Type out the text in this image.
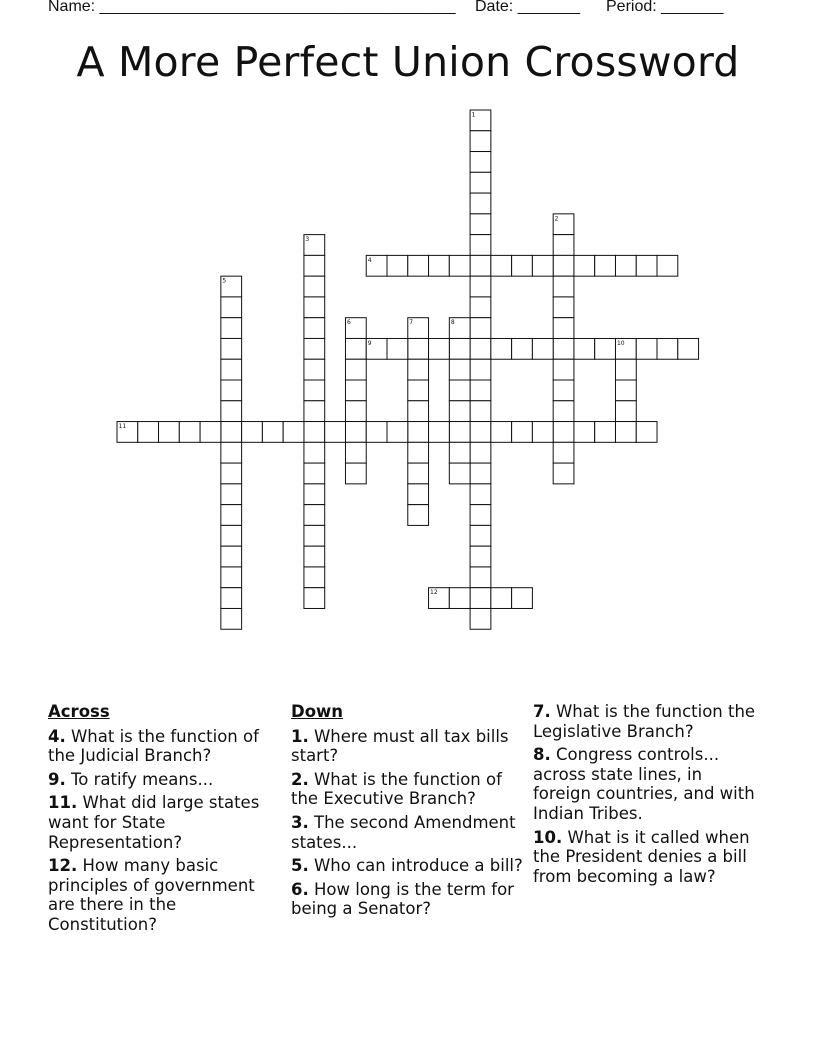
Name: ________________________________________ Date: _______ Period: _______
A More Perfect Union Crossword
1
2
3
4
5
6	7	8
9	10
11
12
Across
4. What is the function of the Judicial Branch?
9. To ratify means...
11. What did large states want for State Representation?
12. How many basic principles of government are there in the Constitution?
Down
1. Where must all tax bills start?
2. What is the function of the Executive Branch?
3. The second Amendment states...
5. Who can introduce a bill?
6. How long is the term for being a Senator?
7. What is the function the Legislative Branch?
8. Congress controls... across state lines, in foreign countries, and with Indian Tribes.
10. What is it called when the President denies a bill from becoming a law?
